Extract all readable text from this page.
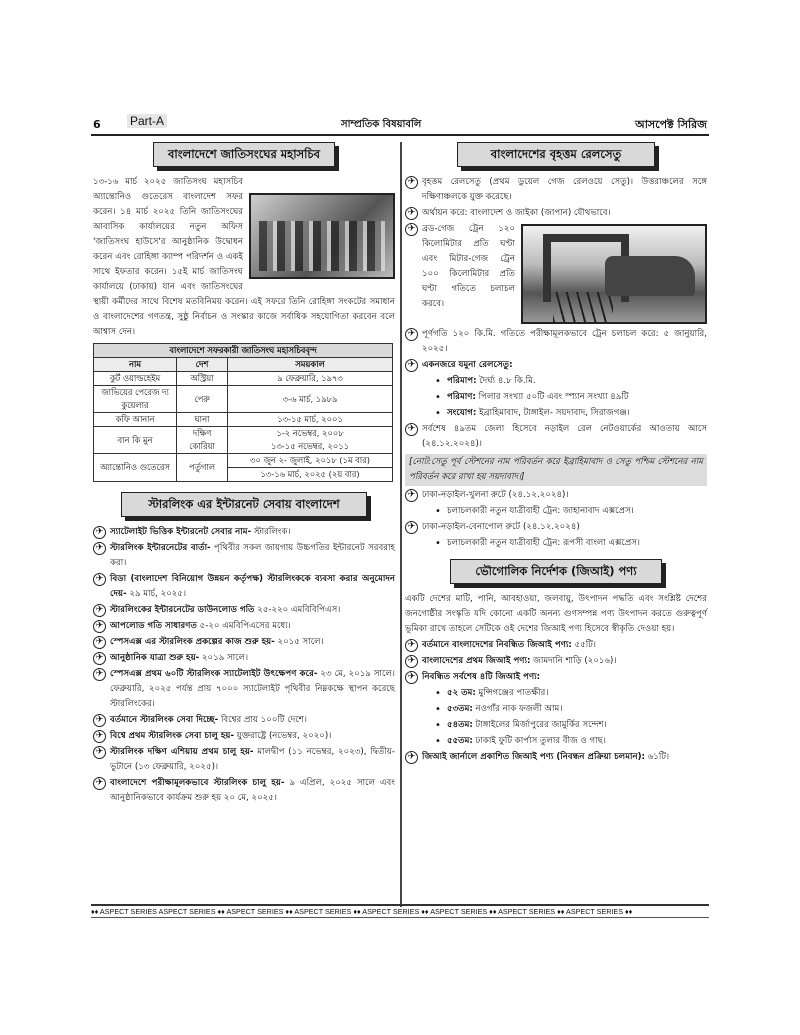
6 Part-A	সাম্প্রতিক বিষয়াবলি	আসপেক্ট সিরিজ
বাংলাদেশে জাতিসংঘের মহাসচিব

১৩-১৬ মার্চ ২০২৫ জাতিসংঘ মহাসচিব অ্যান্তোনিও গুতেরেস বাংলাদেশ সফর করেন। ১৪ মার্চ ২০২৫ তিনি জাতিসংঘের আবাসিক কার্যালয়ের নতুন অফিস 'জাতিসংঘ হাউসে'র আনুষ্ঠানিক উদ্বোধন করেন এবং রোহিঙ্গা ক্যাম্প পরিদর্শন ও একই সাথে ইফতার করেন। ১৫ই মার্চ জাতিসংঘ কার্যালয়ে (ঢাকায়) যান এবং জাতিসংঘের স্থায়ী কর্মীদের সাথে বিশেষ মতবিনিময় করেন। এই সফরে তিনি রোহিঙ্গা সংকটের সমাধান ও বাংলাদেশের গণতন্ত্র, সুষ্ঠু নির্বাচন ও সংস্কার কাজে সর্বাধিক সহযোগিতা করবেন বলে আশ্বাস দেন।

বাংলাদেশে সফরকারী জাতিসংঘ মহাসচিববৃন্দ		
নাম	দেশ	সময়কাল
কুর্ট ওয়াল্ডহেইম	অস্ট্রিয়া	৯ ফেব্রুয়ারি, ১৯৭৩
জাভিয়ের পেরেজ দ্য কুয়েলার	পেরু	৩-৬ মার্চ, ১৯৮৯
কফি আনান	ঘানা	১৩-১৫ মার্চ, ২০০১
বান কি মুন	দক্ষিণ কোরিয়া	১-২ নভেম্বর, ২০০৮
১৩-১৫ নভেম্বর, ২০১১

অ্যান্তোনিও গুতেরেস	পর্তুগাল	৩০ জুন ২- জুলাই, ২০১৮ (১ম বার)
		১৩-১৬ মার্চ, ২০২৫ (২য় বার)
স্টারলিংক এর ইন্টারনেট সেবায় বাংলাদেশ
✈ স্যাটেলাইট ভিত্তিক ইন্টারনেট সেবার নাম- স্টারলিংক।
✈ স্টারলিংক ইন্টারনেটের বার্তা- পৃথিবীর সকল জায়গায় উচ্চগতির ইন্টারনেট সরবরাহ করা।
✈ বিডা (বাংলাদেশ বিনিয়োগ উন্নয়ন কর্তৃপক্ষ) স্টারলিংককে ব্যবসা করার অনুমোদন দেয়- ২৯ মার্চ, ২০২৫।
✈ স্টারলিংকের ইন্টারনেটের ডাউনলোড গতি ২৫-২২০ এমবিবিপিএস।
✈ আপলোড গতি সাধারণত ৫-২০ এমবিপিএসের মধ্যে।
✈ স্পেসএক্স এর স্টারলিংক প্রকল্পের কাজ শুরু হয়- ২০১৫ সালে।
✈ আনুষ্ঠানিক যাত্রা শুরু হয়- ২০১৯ সালে।
✈ স্পেসএক্স প্রথম ৬০টি স্টারলিংক স্যাটেলাইট উৎক্ষেপণ করে- ২৩ মে, ২০১৯ সালে। ফেব্রুয়ারি, ২০২৫ পর্যন্ত প্রায় ৭০০০ স্যাটেলাইট পৃথিবীর নিম্নকক্ষে স্থাপন করেছে স্টারলিংকের।
✈ বর্তমানে স্টারলিংক সেবা দিচ্ছে- বিশ্বের প্রায় ১০০টি দেশে।
✈ বিশ্বে প্রথম স্টারলিংক সেবা চালু হয়- যুক্তরাষ্ট্রে (নভেম্বর, ২০২০)।
✈ স্টারলিংক দক্ষিণ এশিয়ায় প্রথম চালু হয়- মালদ্বীপ (১১ নভেম্বর, ২০২৩), দ্বিতীয়- ভুটানে (১৩ ফেব্রুয়ারি, ২০২৫)।
✈ বাংলাদেশে পরীক্ষামূলকভাবে স্টারলিংক চালু হয়- ৯ এপ্রিল, ২০২৫ সালে এবং আনুষ্ঠানিকভাবে কার্যক্রম শুরু হয় ২০ মে, ২০২৫।
বাংলাদেশের বৃহত্তম রেলসেতু
✈ বৃহত্তম রেলসেতু (প্রথম ডুয়েল গেজ রেলওয়ে সেতু)। উত্তরাঞ্চলের সঙ্গে দক্ষিণাঞ্চলকে যুক্ত করেছে।
✈ অর্থায়ন করে: বাংলাদেশ ও জাইকা (জাপান) যৌথভাবে।
✈ ব্রড-গেজ ট্রেন ১২০ কিলোমিটার প্রতি ঘণ্টা এবং মিটার-গেজ ট্রেন ১০০ কিলোমিটার প্রতি ঘণ্টা গতিতে চলাচল করবে।
✈ পূর্ণগতি ১২০ কি.মি. গতিতে পরীক্ষামূলকভাবে ট্রেন চলাচল করে: ৫ জানুয়ারি, ২০২৫।
✈ একনজরে যমুনা রেলসেতু:
• পরিমাপ: দৈর্ঘ্য ৪.৮ কি.মি.
• পরিমাণ: পিলার সংখ্যা ৫০টি এবং স্প্যান সংখ্যা ৪৯টি
• সংযোগ: ইব্রাহিমাবাদ, টাঙ্গাইল- সয়দাবাদ, সিরাজগঞ্জ।
✈ সর্বশেষ ৪৯তম জেলা হিসেবে নড়াইল রেল নেটওয়ার্কের আওতায় আসে (২৪.১২.২০২৪)।
[নোট:সেতু পূর্ব স্টেশনের নাম পরিবর্তন করে ইব্রাহিমাবাদ ও সেতু পশ্চিম স্টেশনের নাম পরিবর্তন করে রাখা হয় সয়দাবাদ।]
✈ ঢাকা-নড়াইল-খুলনা রুটে (২৪.১২.২০২৪)।
• চলাচলকারী নতুন যাত্রীবাহী ট্রেন: জাহানাবাদ এক্সপ্রেস।
✈ ঢাকা-নড়াইল-বেনাপোল রুটে (২৪.১২.২০২৪)
• চলাচলকারী নতুন যাত্রীবাহী ট্রেন: রূপসী বাংলা এক্সপ্রেস।
ভৌগোলিক নির্দেশক (জিআই) পণ্য

একটি দেশের মাটি, পানি, আবহাওয়া, জলবায়ু, উৎপাদন পদ্ধতি এবং সংশ্লিষ্ট দেশের জনগোষ্ঠীর সংস্কৃতি যদি কোনো একটি অনন্য গুণসম্পন্ন পণ্য উৎপাদন করতে গুরুত্বপূর্ণ ভূমিকা রাখে তাহলে সেটিকে ওই দেশের জিআই পণ্য হিসেবে স্বীকৃতি দেওয়া হয়।

✈ বর্তমানে বাংলাদেশের নিবন্ধিত জিআই পণ্য: ৫৫টি।
✈ বাংলাদেশের প্রথম জিআই পণ্য: জামদানি শাড়ি (২০১৬)।
✈ নিবন্ধিত সর্বশেষ ৪টি জিআই পণ্য:
• ৫২ তম: মুন্সিগঞ্জের পাতক্ষীর।
• ৫৩তম: নওগাঁর নাক ফজলী আম।
• ৫৪তম: টাঙ্গাইলের মির্জাপুরের জামুর্কির সন্দেশ।
• ৫৫তম: ঢাকাই ফুটি কার্পাস তুলার বীজ ও গাছ।
✈ জিআই জার্নালে প্রকাশিত জিআই পণ্য (নিবন্ধন প্রক্রিয়া চলমান): ৬১টি।
♦♦ ASPECT SERIES ASPECT SERIES ♦♦ ASPECT SERIES ♦♦ ASPECT SERIES ♦♦ ASPECT SERIES ♦♦ ASPECT SERIES ♦♦ ASPECT SERIES ♦♦ ASPECT SERIES ♦♦
